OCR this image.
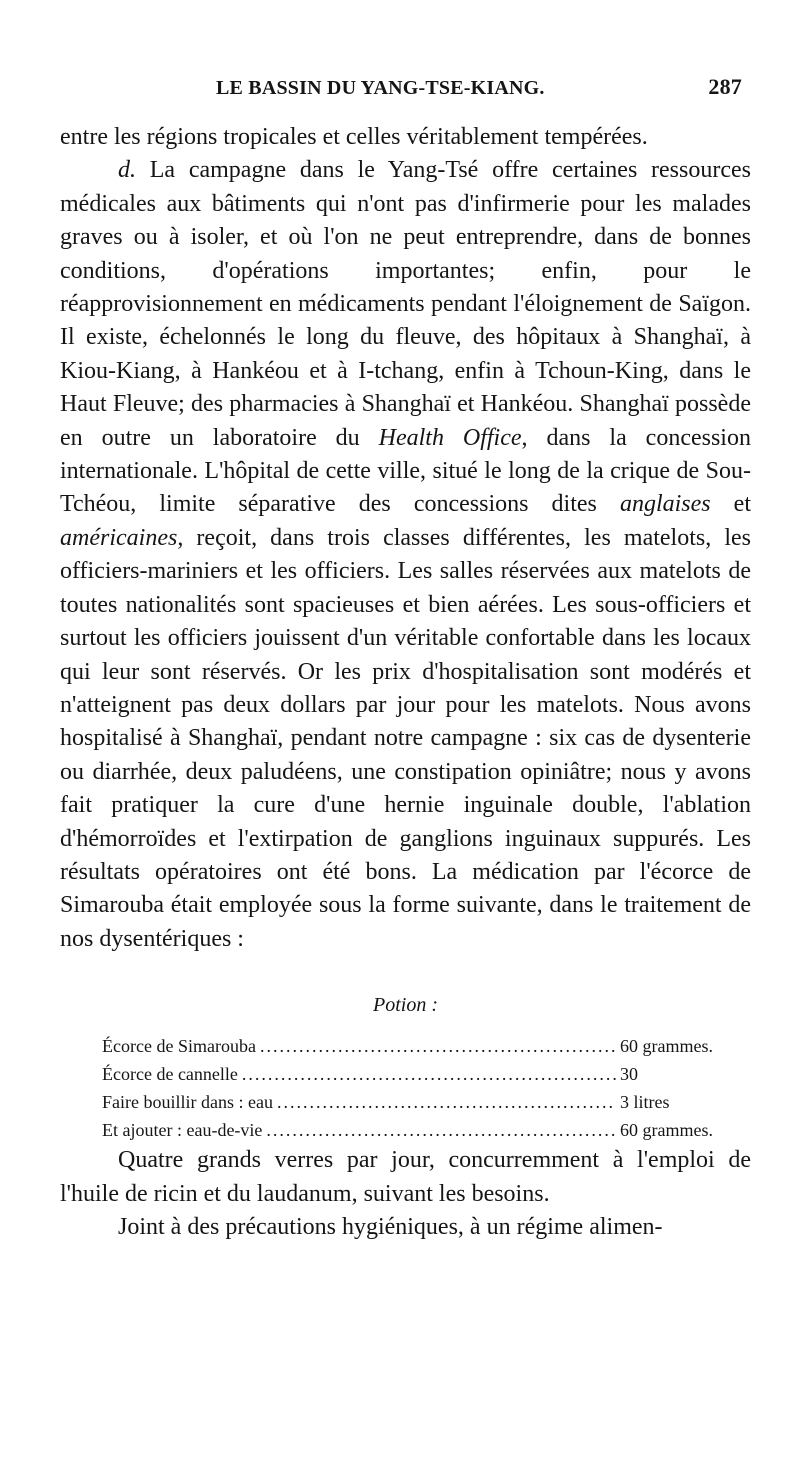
LE BASSIN DU YANG-TSE-KIANG.	287

entre les régions tropicales et celles véritablement tempérées.

d. La campagne dans le Yang-Tsé offre certaines ressources médicales aux bâtiments qui n'ont pas d'infirmerie pour les malades graves ou à isoler, et où l'on ne peut entreprendre, dans de bonnes conditions, d'opérations importantes; enfin, pour le réapprovisionnement en médicaments pendant l'éloignement de Saïgon. Il existe, échelonnés le long du fleuve, des hôpitaux à Shanghaï, à Kiou-Kiang, à Hankéou et à I-tchang, enfin à Tchoun-King, dans le Haut Fleuve; des pharmacies à Shanghaï et Hankéou. Shanghaï possède en outre un laboratoire du Health Office, dans la concession internationale. L'hôpital de cette ville, situé le long de la crique de Sou-Tchéou, limite séparative des concessions dites anglaises et américaines, reçoit, dans trois classes différentes, les matelots, les officiers-mariniers et les officiers. Les salles réservées aux matelots de toutes nationalités sont spacieuses et bien aérées. Les sous-officiers et surtout les officiers jouissent d'un véritable confortable dans les locaux qui leur sont réservés. Or les prix d'hospitalisation sont modérés et n'atteignent pas deux dollars par jour pour les matelots. Nous avons hospitalisé à Shanghaï, pendant notre campagne : six cas de dysenterie ou diarrhée, deux paludéens, une constipation opiniâtre; nous y avons fait pratiquer la cure d'une hernie inguinale double, l'ablation d'hémorroïdes et l'extirpation de ganglions inguinaux suppurés. Les résultats opératoires ont été bons. La médication par l'écorce de Simarouba était employée sous la forme suivante, dans le traitement de nos dysentériques :

Potion :
Écorce de Simarouba .....	60 grammes.
Écorce de cannelle .....	30
Faire bouillir dans : eau .....	3 litres
Et ajouter : eau-de-vie .....	60 grammes.

Quatre grands verres par jour, concurremment à l'emploi de l'huile de ricin et du laudanum, suivant les besoins.

Joint à des précautions hygiéniques, à un régime alimen-
